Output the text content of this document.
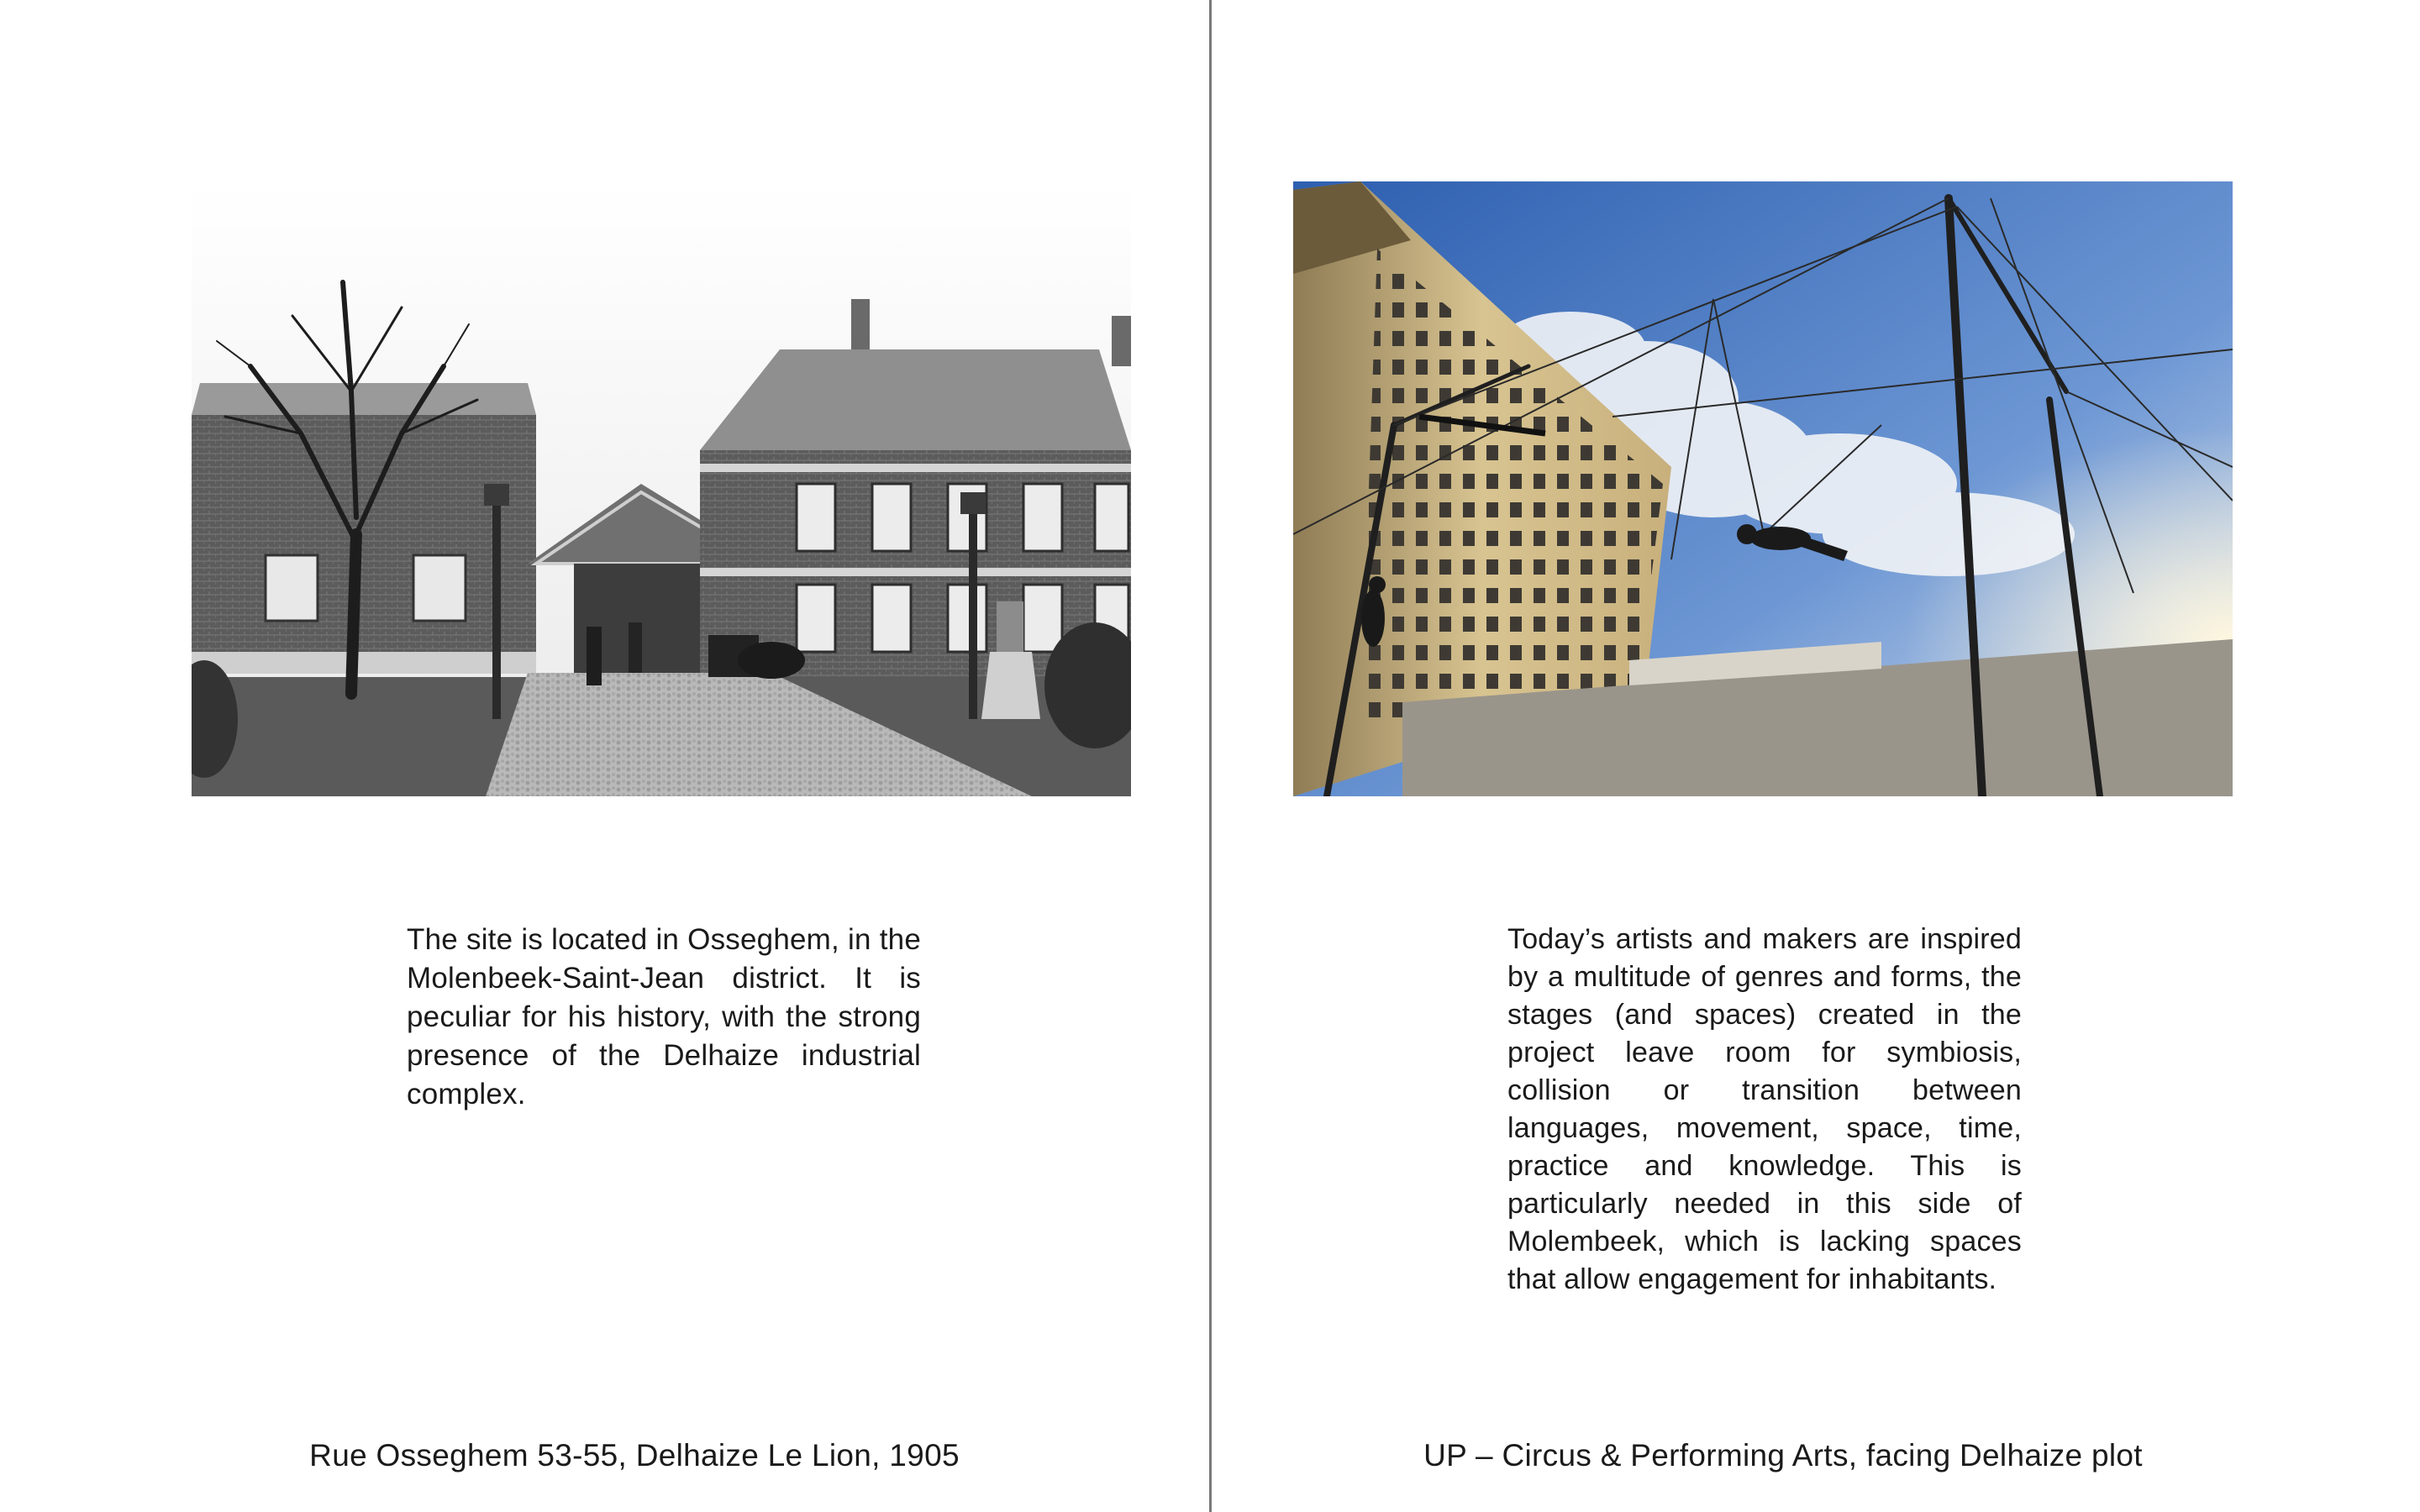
The site is located in Osseghem, in the Molenbeek-Saint-Jean district. It is peculiar for his history, with the strong presence of the Delhaize industrial complex.
Rue Osseghem 53-55, Delhaize Le Lion, 1905
Today’s artists and makers are inspired by a multitude of genres and forms, the stages (and spaces) created in the project leave room for symbiosis, collision or transition between languages, movement, space, time, practice and knowledge. This is particularly needed in this side of Molembeek, which is lacking spaces that allow engagement for inhabitants.
UP – Circus & Performing Arts, facing Delhaize plot
